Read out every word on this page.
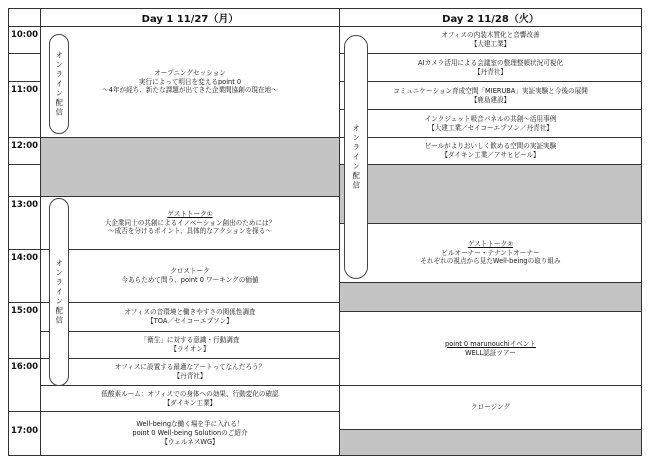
Day 1 11/27（月）	Day 2 11/28（火）
10:00
11:00
12:00
13:00
14:00
15:00
16:00
17:00
オープニングセッション
実行によって明日を変えるpoint 0
～4年が経ち、新たな課題が出てきた企業間協創の現在地～
ゲストトーク①
大企業同士の共創によるイノベーション創出のためには？
～成否を分けるポイント、具体的なアクションを探る～
クロストーク
今あらためて問う、point 0 ワーキングの価値
オフィスの音環境と働きやすさの関係性調査
【TOA／セイコーエプソン】
「衛生」に対する意識・行動調査
【ライオン】
オフィスに設置する最適なアートってなんだろう？
【丹青社】
低酸素ルーム：オフィスでの身体への効果、行動変化の確認
【ダイキン工業】
Well-beingな働く場を手に入れる！
point 0 Well-being Solutionのご紹介
【ウェルネスWG】
オフィスの内装木質化と音響改善
【大建工業】
AIカメラ活用による会議室の整理整頓状況可視化
【丹青社】
コミュニケーション育成空間「MIERUBA」実証実験と今後の展開
【鹿島建設】
インクジェット吸音パネルの共創～活用事例
【大建工業／セイコーエプソン／丹青社】
ビールがよりおいしく飲める空間の実証実験
【ダイキン工業／アサヒビール】
ゲストトーク②
ビルオーナー・テナントオーナー
それぞれの視点から見たWell-beingの取り組み
point 0 marunouchiイベント
WELL認証ツアー
クロージング
オンライン配信
オンライン配信
オンライン配信
